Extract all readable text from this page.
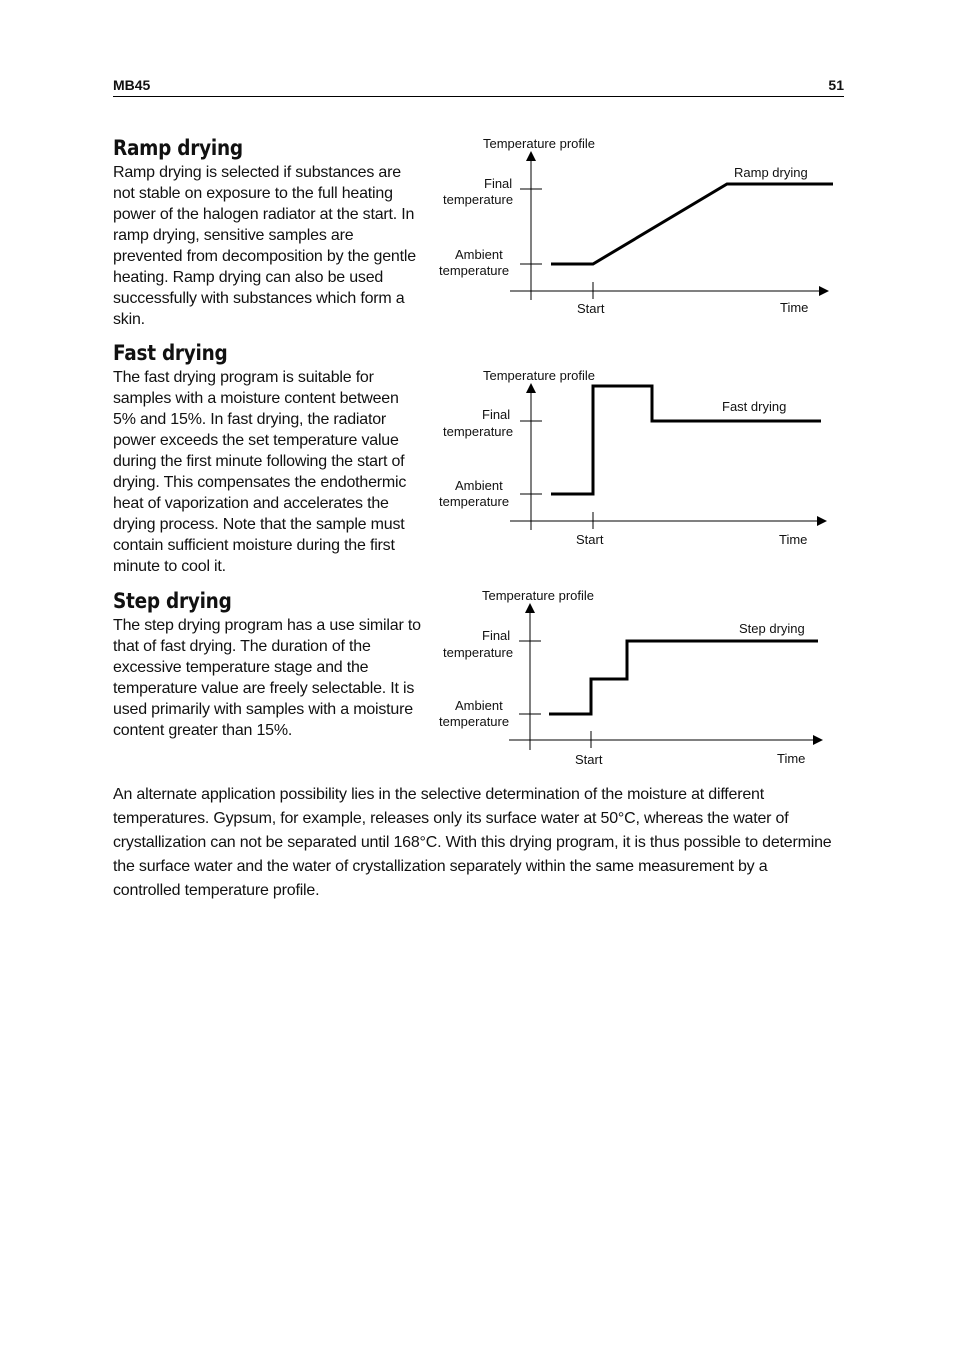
MB45	51
Ramp drying

Ramp drying is selected if substances are not stable on exposure to the full heating power of the halogen radiator at the start. In ramp drying, sensitive samples are prevented from decomposition by the gentle heating. Ramp drying can also be used successfully with substances which form a skin.

Temperature profile
Final
temperature
Ambient
temperature
Start	Time
Ramp drying
Fast drying

The fast drying program is suitable for samples with a moisture content between 5% and 15%. In fast drying, the radiator power exceeds the set temperature value during the first minute following the start of drying. This compensates the endothermic heat of vaporization and accelerates the drying process. Note that the sample must contain sufficient moisture during the first minute to cool it.

Temperature profile
Final
temperature
Ambient
temperature
Start	Time
Fast drying
Step drying

The step drying program has a use similar to that of fast drying. The duration of the excessive temperature stage and the temperature value are freely selectable. It is used primarily with samples with a moisture content greater than 15%.

Temperature profile
Final
temperature
Ambient
temperature
Start	Time
Step drying

An alternate application possibility lies in the selective determination of the moisture at different temperatures. Gypsum, for example, releases only its surface water at 50°C, whereas the water of crystallization can not be separated until 168°C. With this drying program, it is thus possible to determine the surface water and the water of crystallization separately within the same measurement by a controlled temperature profile.
